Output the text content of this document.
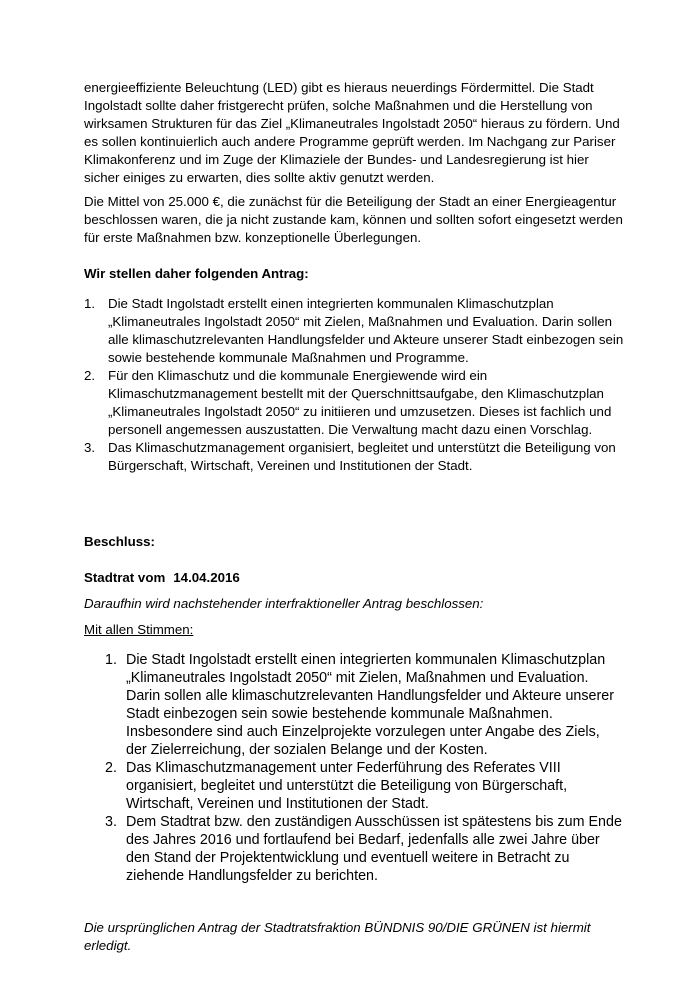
energieeffiziente Beleuchtung (LED) gibt es hieraus neuerdings Fördermittel. Die Stadt Ingolstadt sollte daher fristgerecht prüfen, solche Maßnahmen und die Herstellung von wirksamen Strukturen für das Ziel „Klimaneutrales Ingolstadt 2050“ hieraus zu fördern. Und es sollen kontinuierlich auch andere Programme geprüft werden. Im Nachgang zur Pariser Klimakonferenz und im Zuge der Klimaziele der Bundes- und Landesregierung ist hier sicher einiges zu erwarten, dies sollte aktiv genutzt werden.

Die Mittel von 25.000 €, die zunächst für die Beteiligung der Stadt an einer Energieagentur beschlossen waren, die ja nicht zustande kam, können und sollten sofort eingesetzt werden für erste Maßnahmen bzw. konzeptionelle Überlegungen.

Wir stellen daher folgenden Antrag:

1. Die Stadt Ingolstadt erstellt einen integrierten kommunalen Klimaschutzplan „Klimaneutrales Ingolstadt 2050“ mit Zielen, Maßnahmen und Evaluation. Darin sollen alle klimaschutzrelevanten Handlungsfelder und Akteure unserer Stadt einbezogen sein sowie bestehende kommunale Maßnahmen und Programme.
2. Für den Klimaschutz und die kommunale Energiewende wird ein Klimaschutzmanagement bestellt mit der Querschnittsaufgabe, den Klimaschutzplan „Klimaneutrales Ingolstadt 2050“ zu initiieren und umzusetzen. Dieses ist fachlich und personell angemessen auszustatten. Die Verwaltung macht dazu einen Vorschlag.
3. Das Klimaschutzmanagement organisiert, begleitet und unterstützt die Beteiligung von Bürgerschaft, Wirtschaft, Vereinen und Institutionen der Stadt.

Beschluss:

Stadtrat vom 14.04.2016

Daraufhin wird nachstehender interfraktioneller Antrag beschlossen:

Mit allen Stimmen:

1. Die Stadt Ingolstadt erstellt einen integrierten kommunalen Klimaschutzplan „Klimaneutrales Ingolstadt 2050“ mit Zielen, Maßnahmen und Evaluation. Darin sollen alle klimaschutzrelevanten Handlungsfelder und Akteure unserer Stadt einbezogen sein sowie bestehende kommunale Maßnahmen. Insbesondere sind auch Einzelprojekte vorzulegen unter Angabe des Ziels, der Zielerreichung, der sozialen Belange und der Kosten.
2. Das Klimaschutzmanagement unter Federführung des Referates VIII organisiert, begleitet und unterstützt die Beteiligung von Bürgerschaft, Wirtschaft, Vereinen und Institutionen der Stadt.
3. Dem Stadtrat bzw. den zuständigen Ausschüssen ist spätestens bis zum Ende des Jahres 2016 und fortlaufend bei Bedarf, jedenfalls alle zwei Jahre über den Stand der Projektentwicklung und eventuell weitere in Betracht zu ziehende Handlungsfelder zu berichten.

Die ursprünglichen Antrag der Stadtratsfraktion BÜNDNIS 90/DIE GRÜNEN ist hiermit erledigt.
